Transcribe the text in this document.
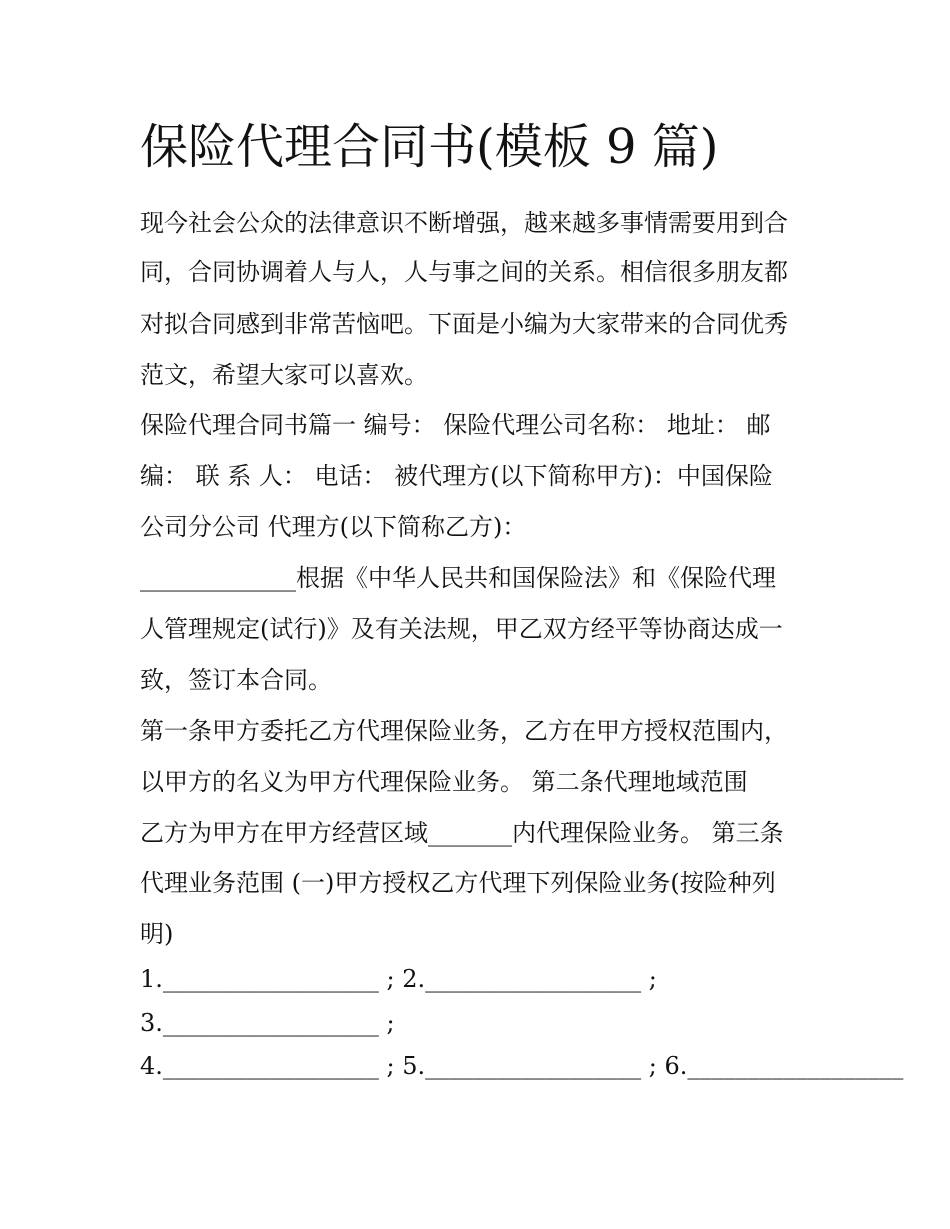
保险代理合同书(模板 9 篇)

现今社会公众的法律意识不断增强，越来越多事情需要用到合

同，合同协调着人与人，人与事之间的关系。相信很多朋友都

对拟合同感到非常苦恼吧。下面是小编为大家带来的合同优秀

范文，希望大家可以喜欢。

保险代理合同书篇一 编号： 保险代理公司名称： 地址： 邮

编： 联 系 人： 电话： 被代理方(以下简称甲方)：中国保险

公司分公司 代理方(以下简称乙方)：

_____________根据《中华人民共和国保险法》和《保险代理

人管理规定(试行)》及有关法规，甲乙双方经平等协商达成一

致，签订本合同。

第一条甲方委托乙方代理保险业务，乙方在甲方授权范围内，

以甲方的名义为甲方代理保险业务。 第二条代理地域范围

乙方为甲方在甲方经营区域_______内代理保险业务。 第三条

代理业务范围 (一)甲方授权乙方代理下列保险业务(按险种列

明)

1.__________________ ; 2.__________________ ;

3.__________________ ;

4.__________________ ; 5.__________________ ; 6.__________________
